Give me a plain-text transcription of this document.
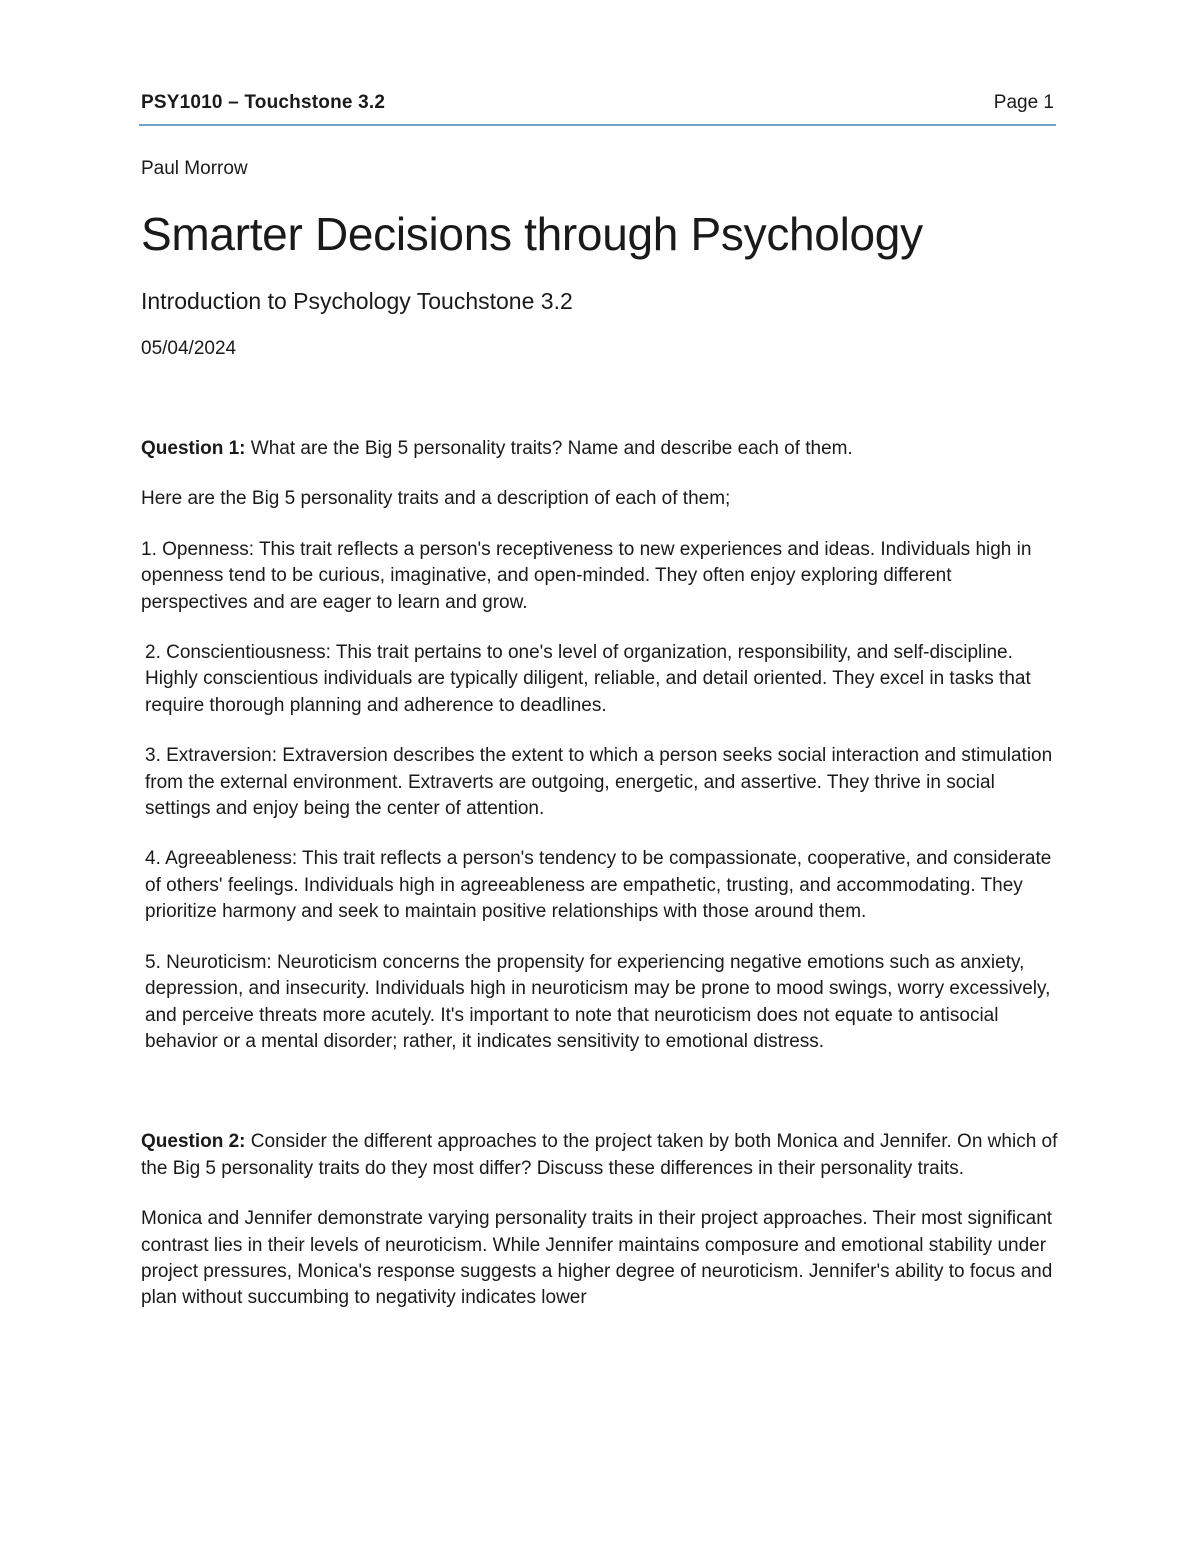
PSY1010 – Touchstone 3.2	Page 1

Paul Morrow

Smarter Decisions through Psychology
Introduction to Psychology Touchstone 3.2

05/04/2024

Question 1: What are the Big 5 personality traits? Name and describe each of them.

Here are the Big 5 personality traits and a description of each of them;

1. Openness: This trait reflects a person's receptiveness to new experiences and ideas. Individuals high in openness tend to be curious, imaginative, and open-minded. They often enjoy exploring different perspectives and are eager to learn and grow.

2. Conscientiousness: This trait pertains to one's level of organization, responsibility, and self-discipline. Highly conscientious individuals are typically diligent, reliable, and detail oriented. They excel in tasks that require thorough planning and adherence to deadlines.

3. Extraversion: Extraversion describes the extent to which a person seeks social interaction and stimulation from the external environment. Extraverts are outgoing, energetic, and assertive. They thrive in social settings and enjoy being the center of attention.

4. Agreeableness: This trait reflects a person's tendency to be compassionate, cooperative, and considerate of others' feelings. Individuals high in agreeableness are empathetic, trusting, and accommodating. They prioritize harmony and seek to maintain positive relationships with those around them.

5. Neuroticism: Neuroticism concerns the propensity for experiencing negative emotions such as anxiety, depression, and insecurity. Individuals high in neuroticism may be prone to mood swings, worry excessively, and perceive threats more acutely. It's important to note that neuroticism does not equate to antisocial behavior or a mental disorder; rather, it indicates sensitivity to emotional distress.

Question 2: Consider the different approaches to the project taken by both Monica and Jennifer. On which of the Big 5 personality traits do they most differ? Discuss these differences in their personality traits.

Monica and Jennifer demonstrate varying personality traits in their project approaches. Their most significant contrast lies in their levels of neuroticism. While Jennifer maintains composure and emotional stability under project pressures, Monica's response suggests a higher degree of neuroticism. Jennifer's ability to focus and plan without succumbing to negativity indicates lower
